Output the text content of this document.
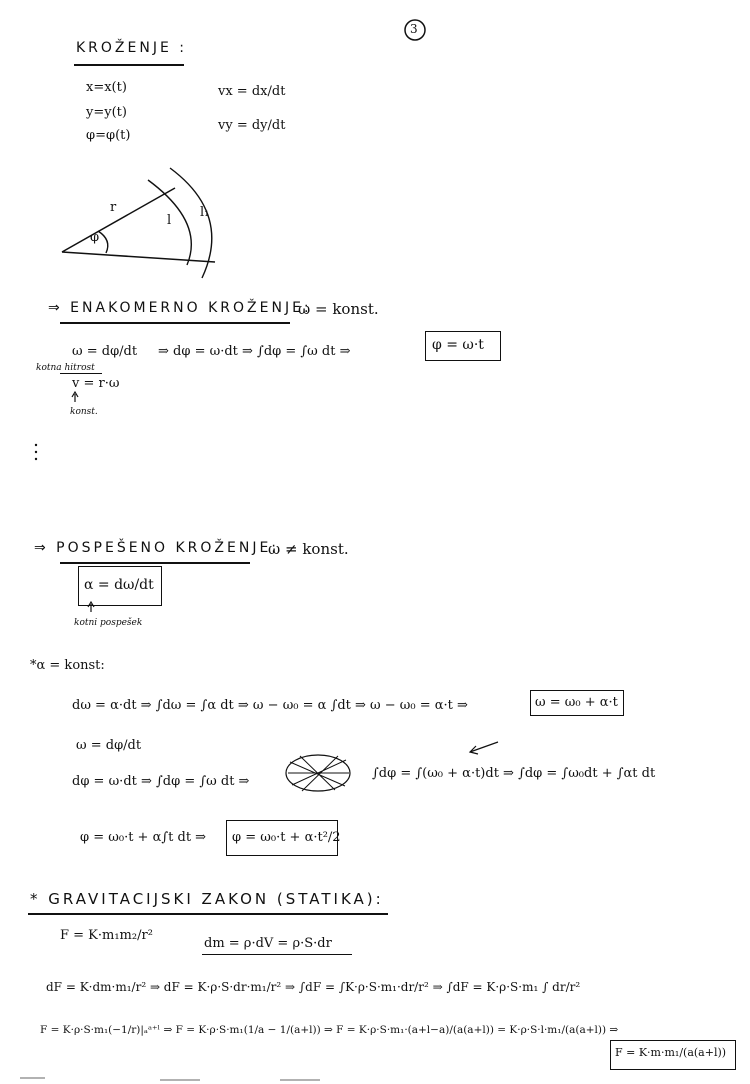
3
KROŽENJE :
x=x(t)
y=y(t)
φ=φ(t)
vx = dx/dt
vy = dy/dt
r
φ
l
l₁
⇒ ENAKOMERNO KROŽENJE:
ω = konst.
kotna hitrost
ω = dφ/dt ⇒ dφ = ω·dt ⇒ ∫dφ = ∫ω dt ⇒	φ = ω·t
v = r·ω
konst.
⇒ POSPEŠENO KROŽENJE:
ω ≠ konst.
α = dω/dt
kotni pospešek
*α = konst:
dω = α·dt ⇒ ∫dω = ∫α dt ⇒ ω − ω₀ = α ∫dt ⇒ ω − ω₀ = α·t ⇒	ω = ω₀ + α·t
ω = dφ/dt
dφ = ω·dt ⇒ ∫dφ = ∫ω dt ⇒
∫dφ = ∫(ω₀ + α·t)dt ⇒ ∫dφ = ∫ω₀dt + ∫αt dt
φ = ω₀·t + α∫t dt ⇒ φ = ω₀·t + α·t²/2
* GRAVITACIJSKI ZAKON (STATIKA):
F = K·m₁m₂/r²
dm = ρ·dV = ρ·S·dr
dF = K·dm·m₁/r² ⇒ dF = K·ρ·S·dr·m₁/r² ⇒ ∫dF = ∫K·ρ·S·m₁·dr/r² ⇒ ∫dF = K·ρ·S·m₁ ∫ dr/r²
F = K·ρ·S·m₁(−1/r)|ₐᵃ⁺ˡ ⇒ F = K·ρ·S·m₁(1/a − 1/(a+l)) ⇒ F = K·ρ·S·m₁·(a+l−a)/(a(a+l)) = K·ρ·S·l·m₁/(a(a+l)) ⇒
F = K·m·m₁/(a(a+l))
